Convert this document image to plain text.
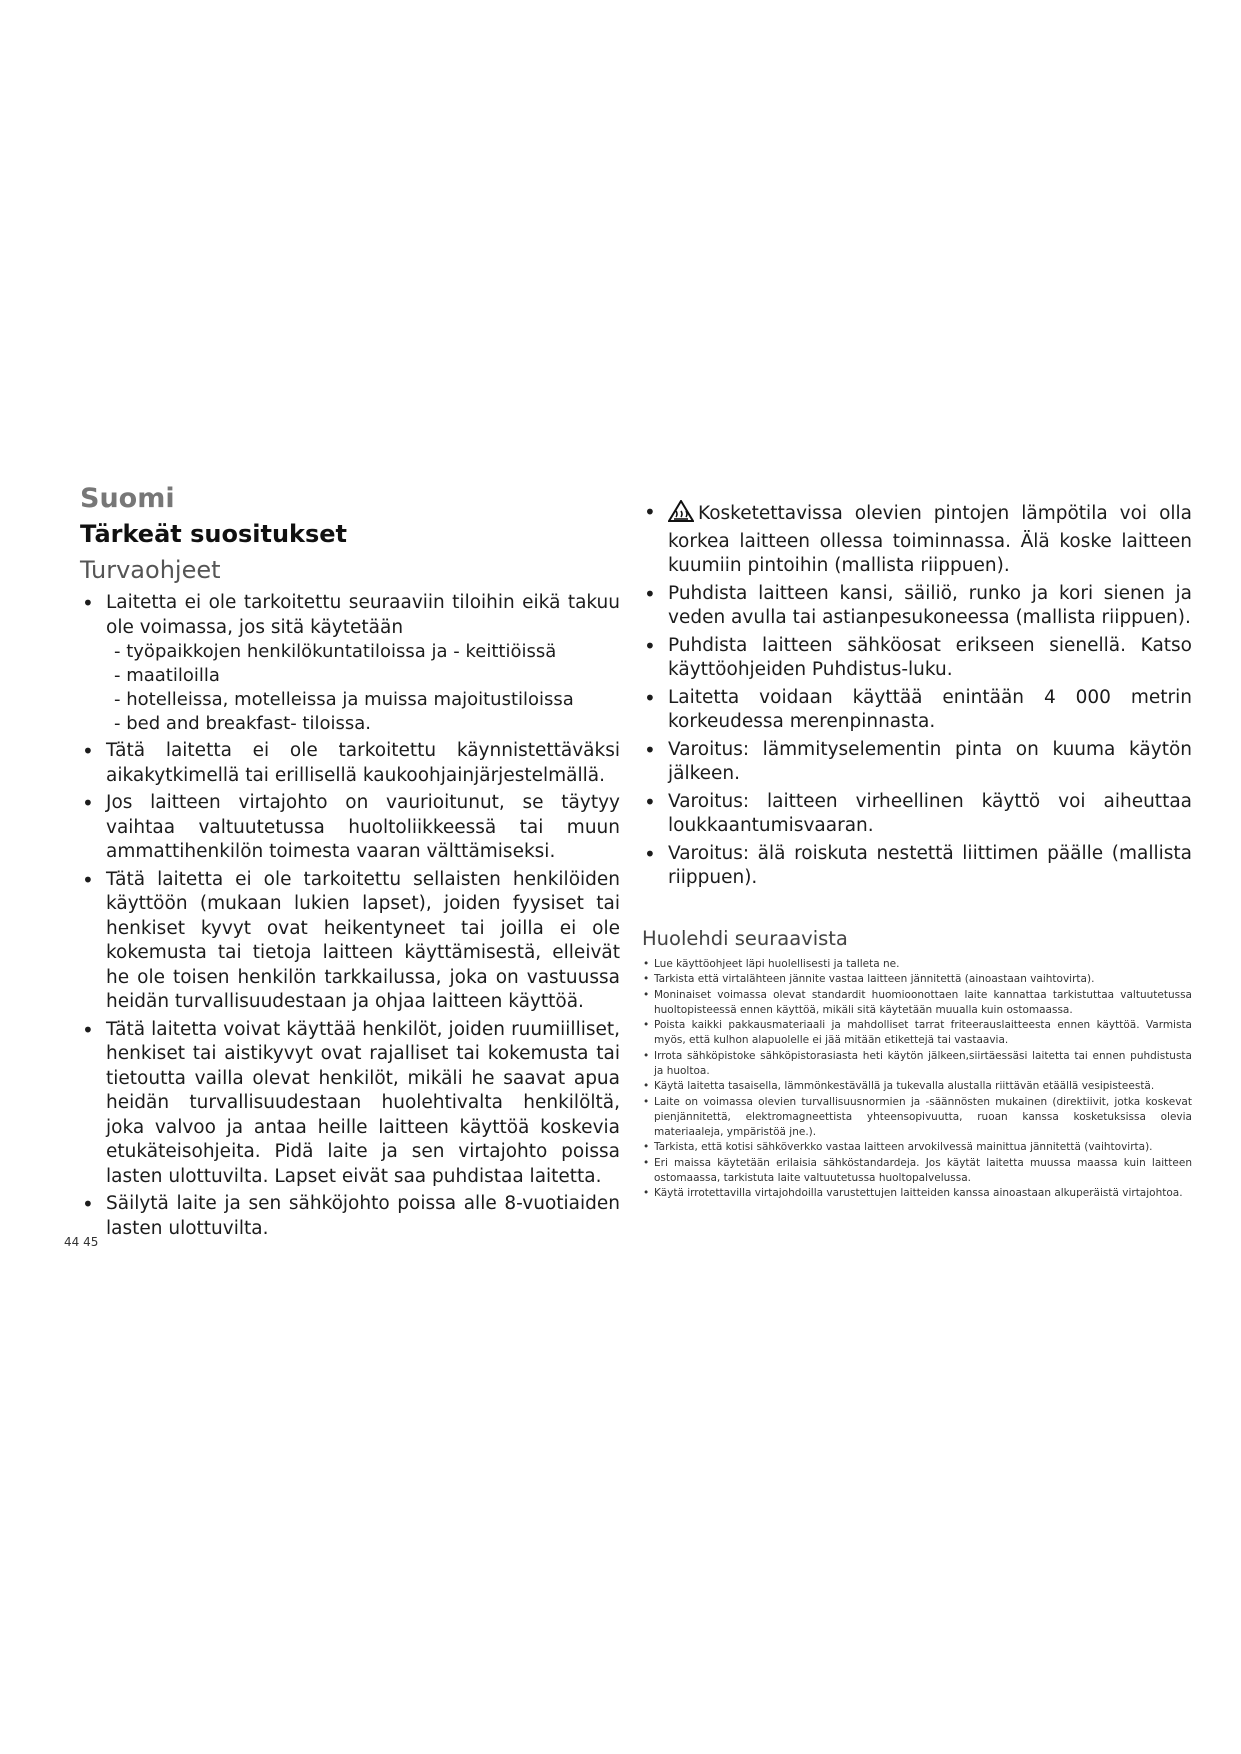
Suomi
Tärkeät suositukset
Turvaohjeet
• Laitetta ei ole tarkoitettu seuraaviin tiloihin eikä takuu ole voimassa, jos sitä käytetään
- työpaikkojen henkilökuntatiloissa ja - keittiöissä
- maatiloilla
- hotelleissa, motelleissa ja muissa majoitustiloissa
- bed and breakfast- tiloissa.
• Tätä laitetta ei ole tarkoitettu käynnistettäväksi aikakytkimellä tai erillisellä kaukoohjainjärjestelmällä.
• Jos laitteen virtajohto on vaurioitunut, se täytyy vaihtaa valtuutetussa huoltoliikkeessä tai muun ammattihenkilön toimesta vaaran välttämiseksi.
• Tätä laitetta ei ole tarkoitettu sellaisten henkilöiden käyttöön (mukaan lukien lapset), joiden fyysiset tai henkiset kyvyt ovat heikentyneet tai joilla ei ole kokemusta tai tietoja laitteen käyttämisestä, elleivät he ole toisen henkilön tarkkailussa, joka on vastuussa heidän turvallisuudestaan ja ohjaa laitteen käyttöä.
• Tätä laitetta voivat käyttää henkilöt, joiden ruumiilliset, henkiset tai aistikyvyt ovat rajalliset tai kokemusta tai tietoutta vailla olevat henkilöt, mikäli he saavat apua heidän turvallisuudestaan huolehtivalta henkilöltä, joka valvoo ja antaa heille laitteen käyttöä koskevia etukäteisohjeita. Pidä laite ja sen virtajohto poissa lasten ulottuvilta. Lapset eivät saa puhdistaa laitetta.
• Säilytä laite ja sen sähköjohto poissa alle 8-vuotiaiden lasten ulottuvilta.
• Kosketettavissa olevien pintojen lämpötila voi olla korkea laitteen ollessa toiminnassa. Älä koske laitteen kuumiin pintoihin (mallista riippuen).
• Puhdista laitteen kansi, säiliö, runko ja kori sienen ja veden avulla tai astianpesukoneessa (mallista riippuen).
• Puhdista laitteen sähköosat erikseen sienellä. Katso käyttöohjeiden Puhdistus-luku.
• Laitetta voidaan käyttää enintään 4 000 metrin korkeudessa merenpinnasta.
• Varoitus: lämmityselementin pinta on kuuma käytön jälkeen.
• Varoitus: laitteen virheellinen käyttö voi aiheuttaa loukkaantumisvaaran.
• Varoitus: älä roiskuta nestettä liittimen päälle (mallista riippuen).
Huolehdi seuraavista
• Lue käyttöohjeet läpi huolellisesti ja talleta ne.
• Tarkista että virtalähteen jännite vastaa laitteen jännitettä (ainoastaan vaihtovirta).
• Moninaiset voimassa olevat standardit huomioonottaen laite kannattaa tarkistuttaa valtuutetussa huoltopisteessä ennen käyttöä, mikäli sitä käytetään muualla kuin ostomaassa.
• Poista kaikki pakkausmateriaali ja mahdolliset tarrat friteerauslaitteesta ennen käyttöä. Varmista myös, että kulhon alapuolelle ei jää mitään etikettejä tai vastaavia.
• Irrota sähköpistoke sähköpistorasiasta heti käytön jälkeen,siirtäessäsi laitetta tai ennen puhdistusta ja huoltoa.
• Käytä laitetta tasaisella, lämmönkestävällä ja tukevalla alustalla riittävän etäällä vesipisteestä.
• Laite on voimassa olevien turvallisuusnormien ja -säännösten mukainen (direktiivit, jotka koskevat pienjännitettä, elektromagneettista yhteensopivuutta, ruoan kanssa kosketuksissa olevia materiaaleja, ympäristöä jne.).
• Tarkista, että kotisi sähköverkko vastaa laitteen arvokilvessä mainittua jännitettä (vaihtovirta).
• Eri maissa käytetään erilaisia sähköstandardeja. Jos käytät laitetta muussa maassa kuin laitteen ostomaassa, tarkistuta laite valtuutetussa huoltopalvelussa.
• Käytä irrotettavilla virtajohdoilla varustettujen laitteiden kanssa ainoastaan alkuperäistä virtajohtoa.
44 45
